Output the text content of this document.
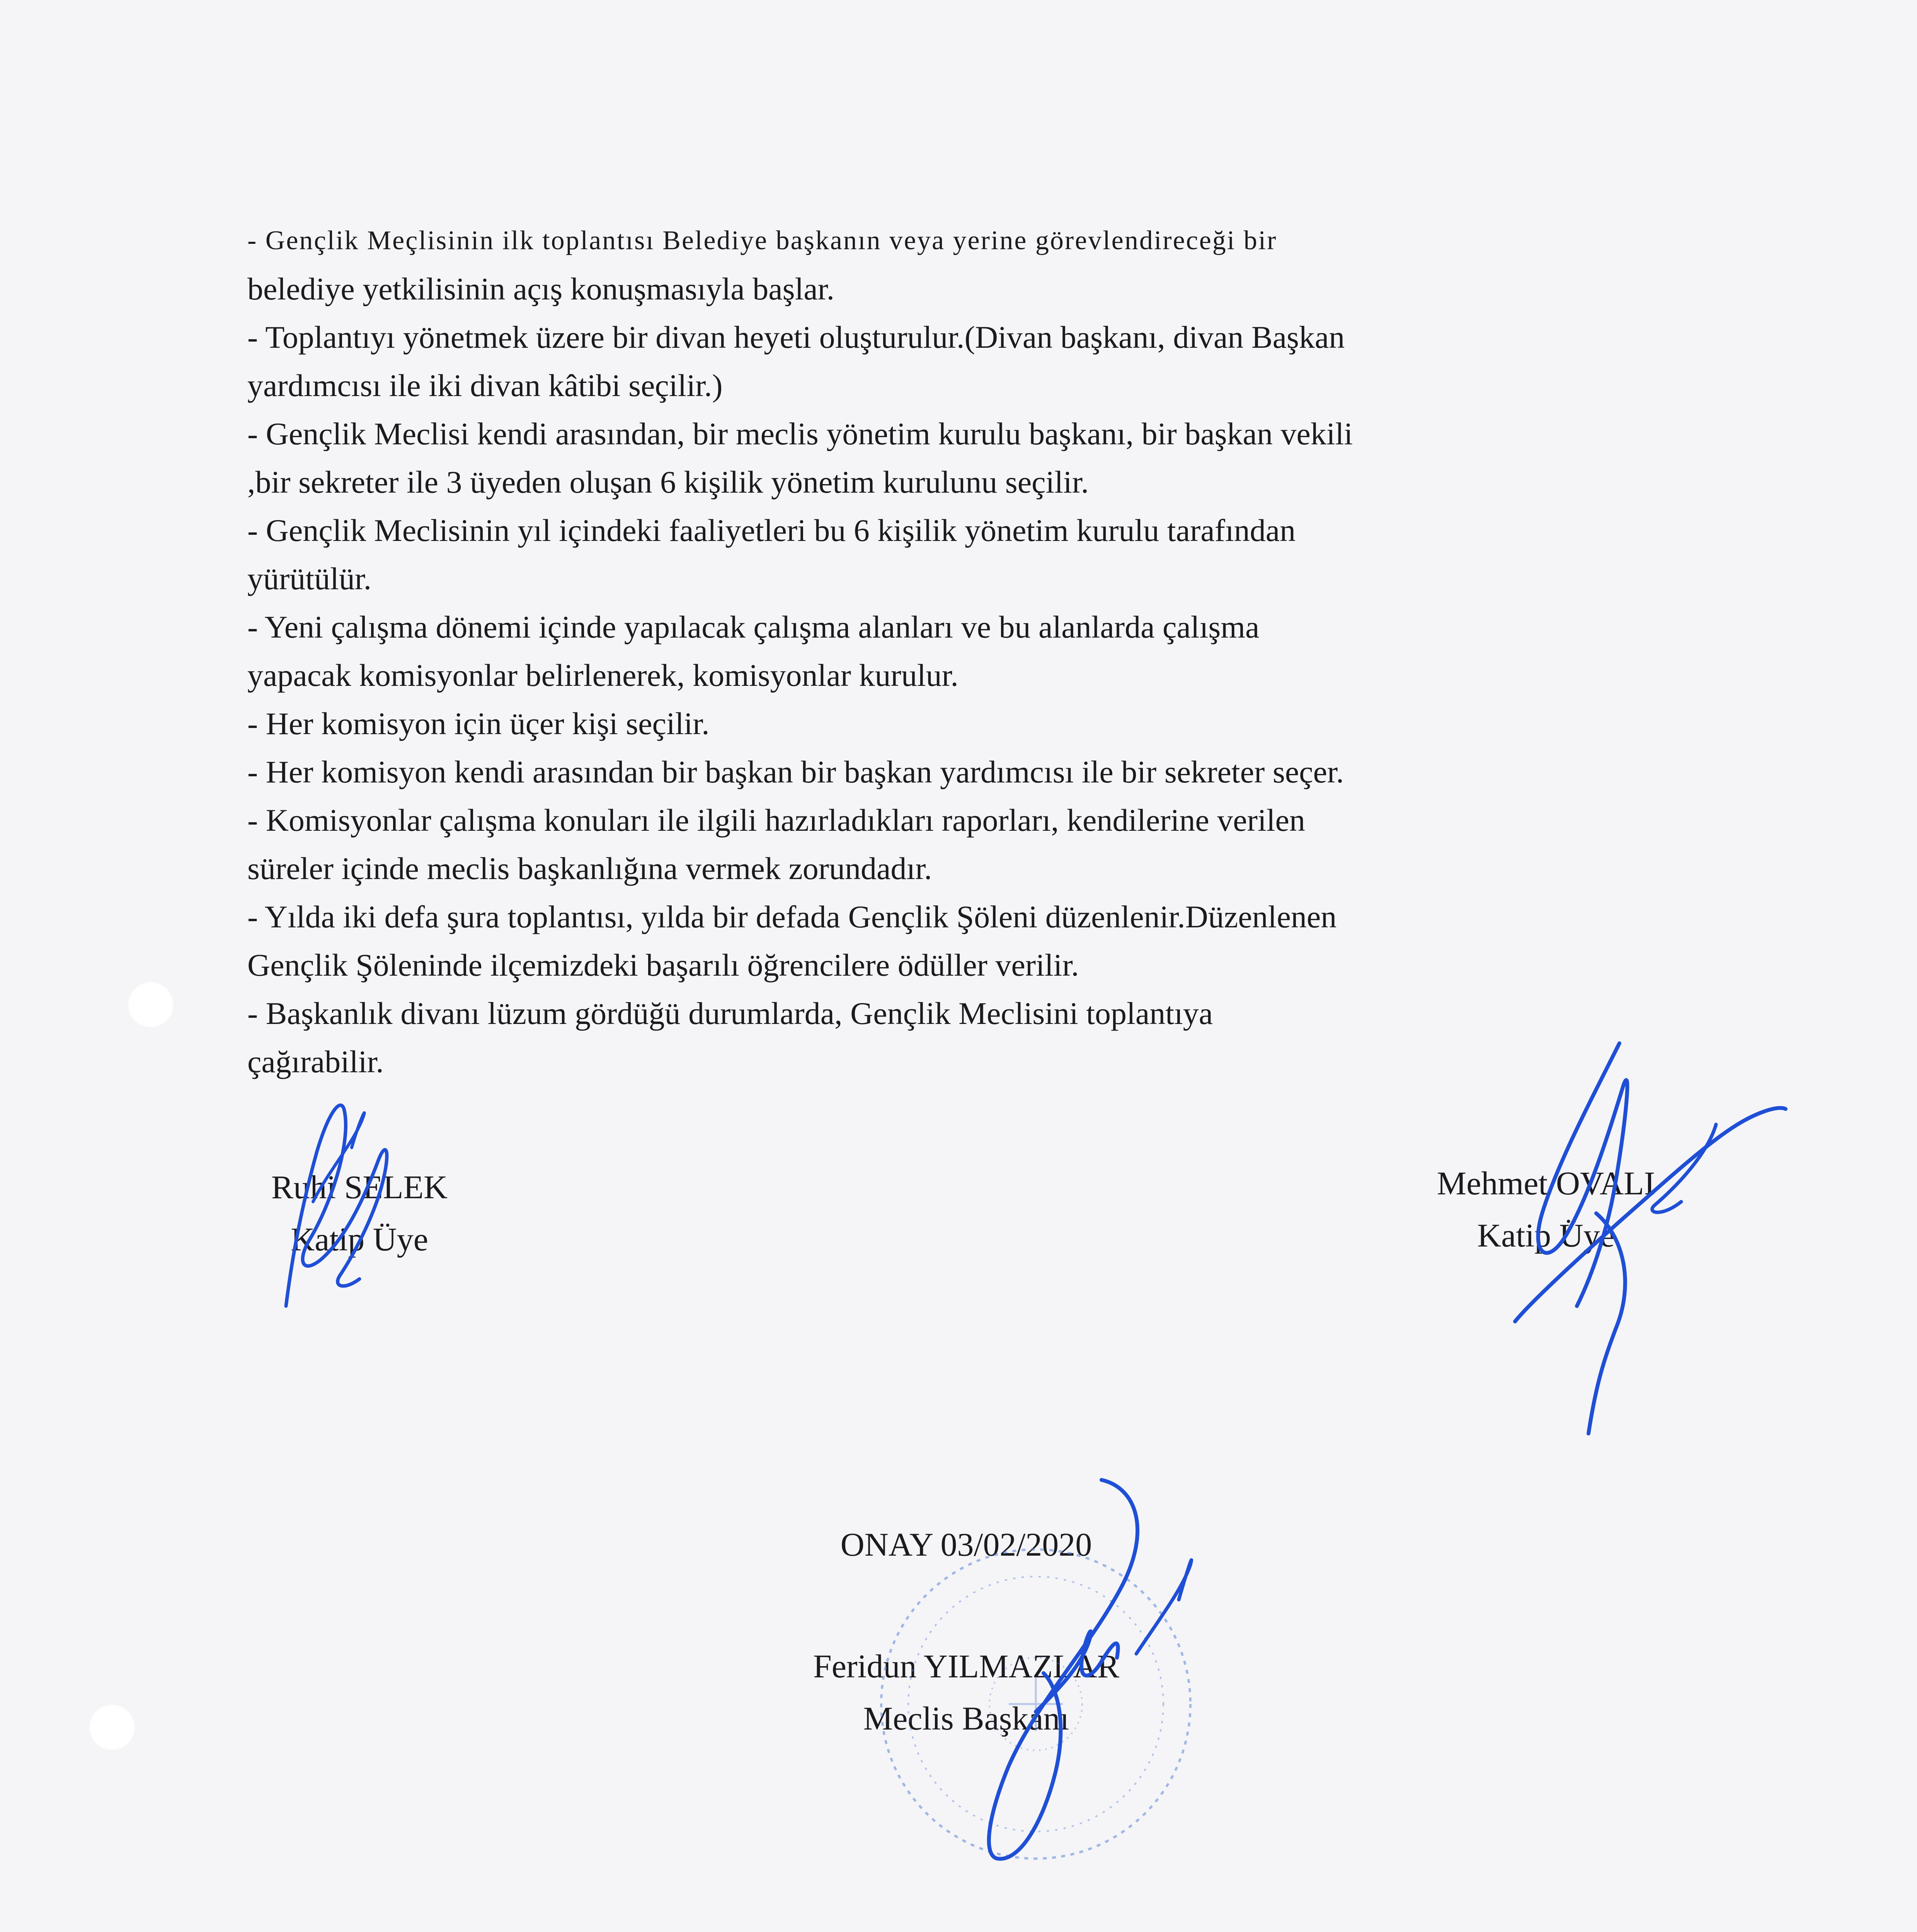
- Gençlik Meçlisinin ilk toplantısı Belediye başkanın veya yerine görevlendireceği bir

belediye yetkilisinin açış konuşmasıyla başlar.

- Toplantıyı yönetmek üzere bir divan heyeti oluşturulur.(Divan başkanı, divan Başkan

yardımcısı ile iki divan kâtibi seçilir.)

- Gençlik Meclisi kendi arasından, bir meclis yönetim kurulu başkanı, bir başkan vekili

,bir sekreter ile 3 üyeden oluşan 6 kişilik yönetim kurulunu seçilir.

- Gençlik Meclisinin yıl içindeki faaliyetleri bu 6 kişilik yönetim kurulu tarafından

yürütülür.

- Yeni çalışma dönemi içinde yapılacak çalışma alanları ve bu alanlarda çalışma

yapacak komisyonlar belirlenerek, komisyonlar kurulur.

- Her komisyon için üçer kişi seçilir.

- Her komisyon kendi arasından bir başkan bir başkan yardımcısı ile bir sekreter seçer.

- Komisyonlar çalışma konuları ile ilgili hazırladıkları raporları, kendilerine verilen

süreler içinde meclis başkanlığına vermek zorundadır.

- Yılda iki defa şura toplantısı, yılda bir defada Gençlik Şöleni düzenlenir.Düzenlenen

Gençlik Şöleninde ilçemizdeki başarılı öğrencilere ödüller verilir.

- Başkanlık divanı lüzum gördüğü durumlarda, Gençlik Meclisini toplantıya

çağırabilir.

Ruhi SELEK
Katip Üye
Mehmet OVALI
Katip Üye
ONAY 03/02/2020
Feridun YILMAZLAR
Meclis Başkanı
